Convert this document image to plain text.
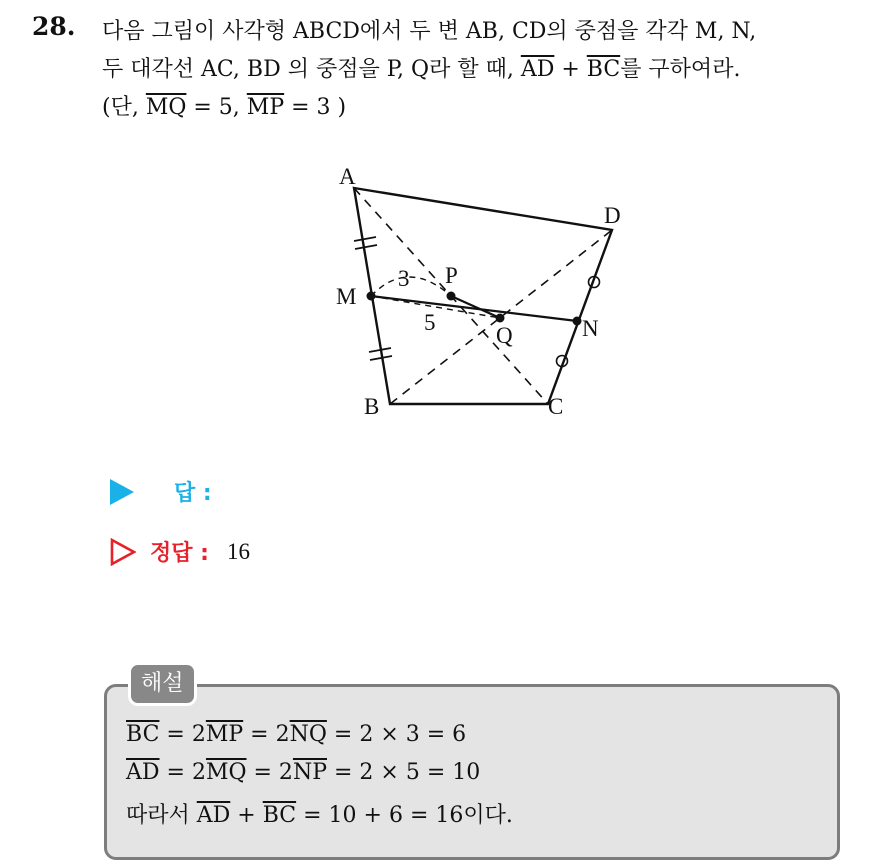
28. 다음 그림이 사각형 ABCD에서 두 변 AB, CD의 중점을 각각 M, N,
두 대각선 AC, BD 의 중점을 P, Q라 할 때, $\overline{AD} + \overline{BC}$를 구하여라.
(단, $\overline{MQ} = 5$, $\overline{MP} = 3$ )
A
D
M
N
P
Q
B	C
3
5
답 :
정답 : 16
해설
$\overline{BC} = 2\overline{MP} = 2\overline{NQ} = 2 \times 3 = 6$
$\overline{AD} = 2\overline{MQ} = 2\overline{NP} = 2 \times 5 = 10$
따라서 $\overline{AD} + \overline{BC} = 10 + 6 = 16$이다.
